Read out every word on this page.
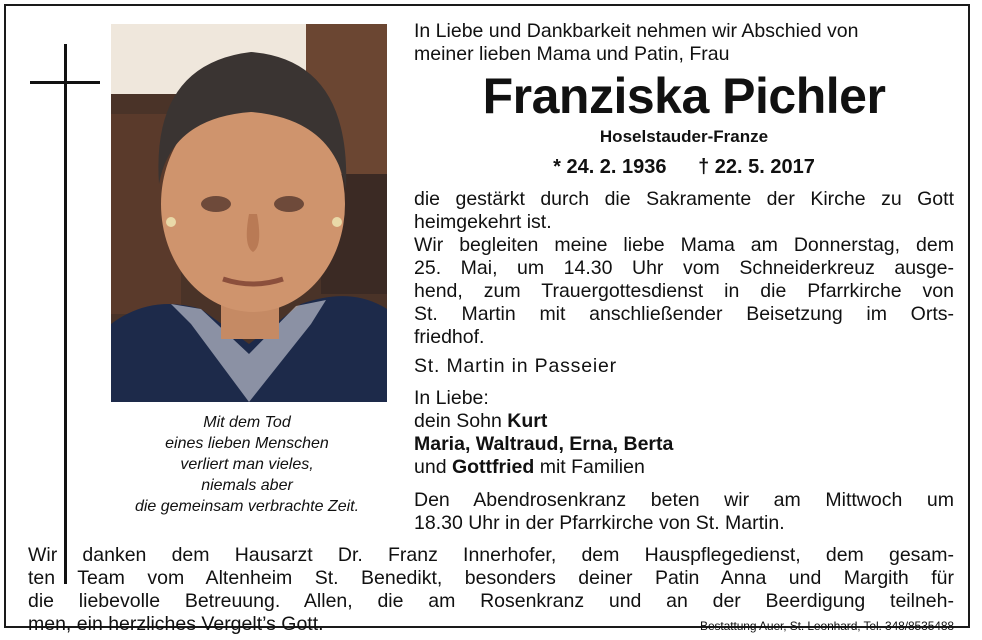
Mit dem Tod
eines lieben Menschen
verliert man vieles,
niemals aber
die gemeinsam verbrachte Zeit.
In Liebe und Dankbarkeit nehmen wir Abschied von
meiner lieben Mama und Patin, Frau
Franziska Pichler
Hoselstauder-Franze
* 24. 2. 1936 † 22. 5. 2017
die gestärkt durch die Sakramente der Kirche zu Gott
heimgekehrt ist.
Wir begleiten meine liebe Mama am Donnerstag, dem
25. Mai, um 14.30 Uhr vom Schneiderkreuz ausge-
hend, zum Trauergottesdienst in die Pfarrkirche von
St. Martin mit anschließender Beisetzung im Orts-
friedhof.
St. Martin in Passeier
In Liebe:
dein Sohn Kurt
Maria, Waltraud, Erna, Berta
und Gottfried mit Familien
Den Abendrosenkranz beten wir am Mittwoch um
18.30 Uhr in der Pfarrkirche von St. Martin.
Wir danken dem Hausarzt Dr. Franz Innerhofer, dem Hauspflegedienst, dem gesam-
ten Team vom Altenheim St. Benedikt, besonders deiner Patin Anna und Margith für
die liebevolle Betreuung. Allen, die am Rosenkranz und an der Beerdigung teilneh-
men, ein herzliches Vergelt’s Gott.	Bestattung Auer, St. Leonhard, Tel. 348/8535488
